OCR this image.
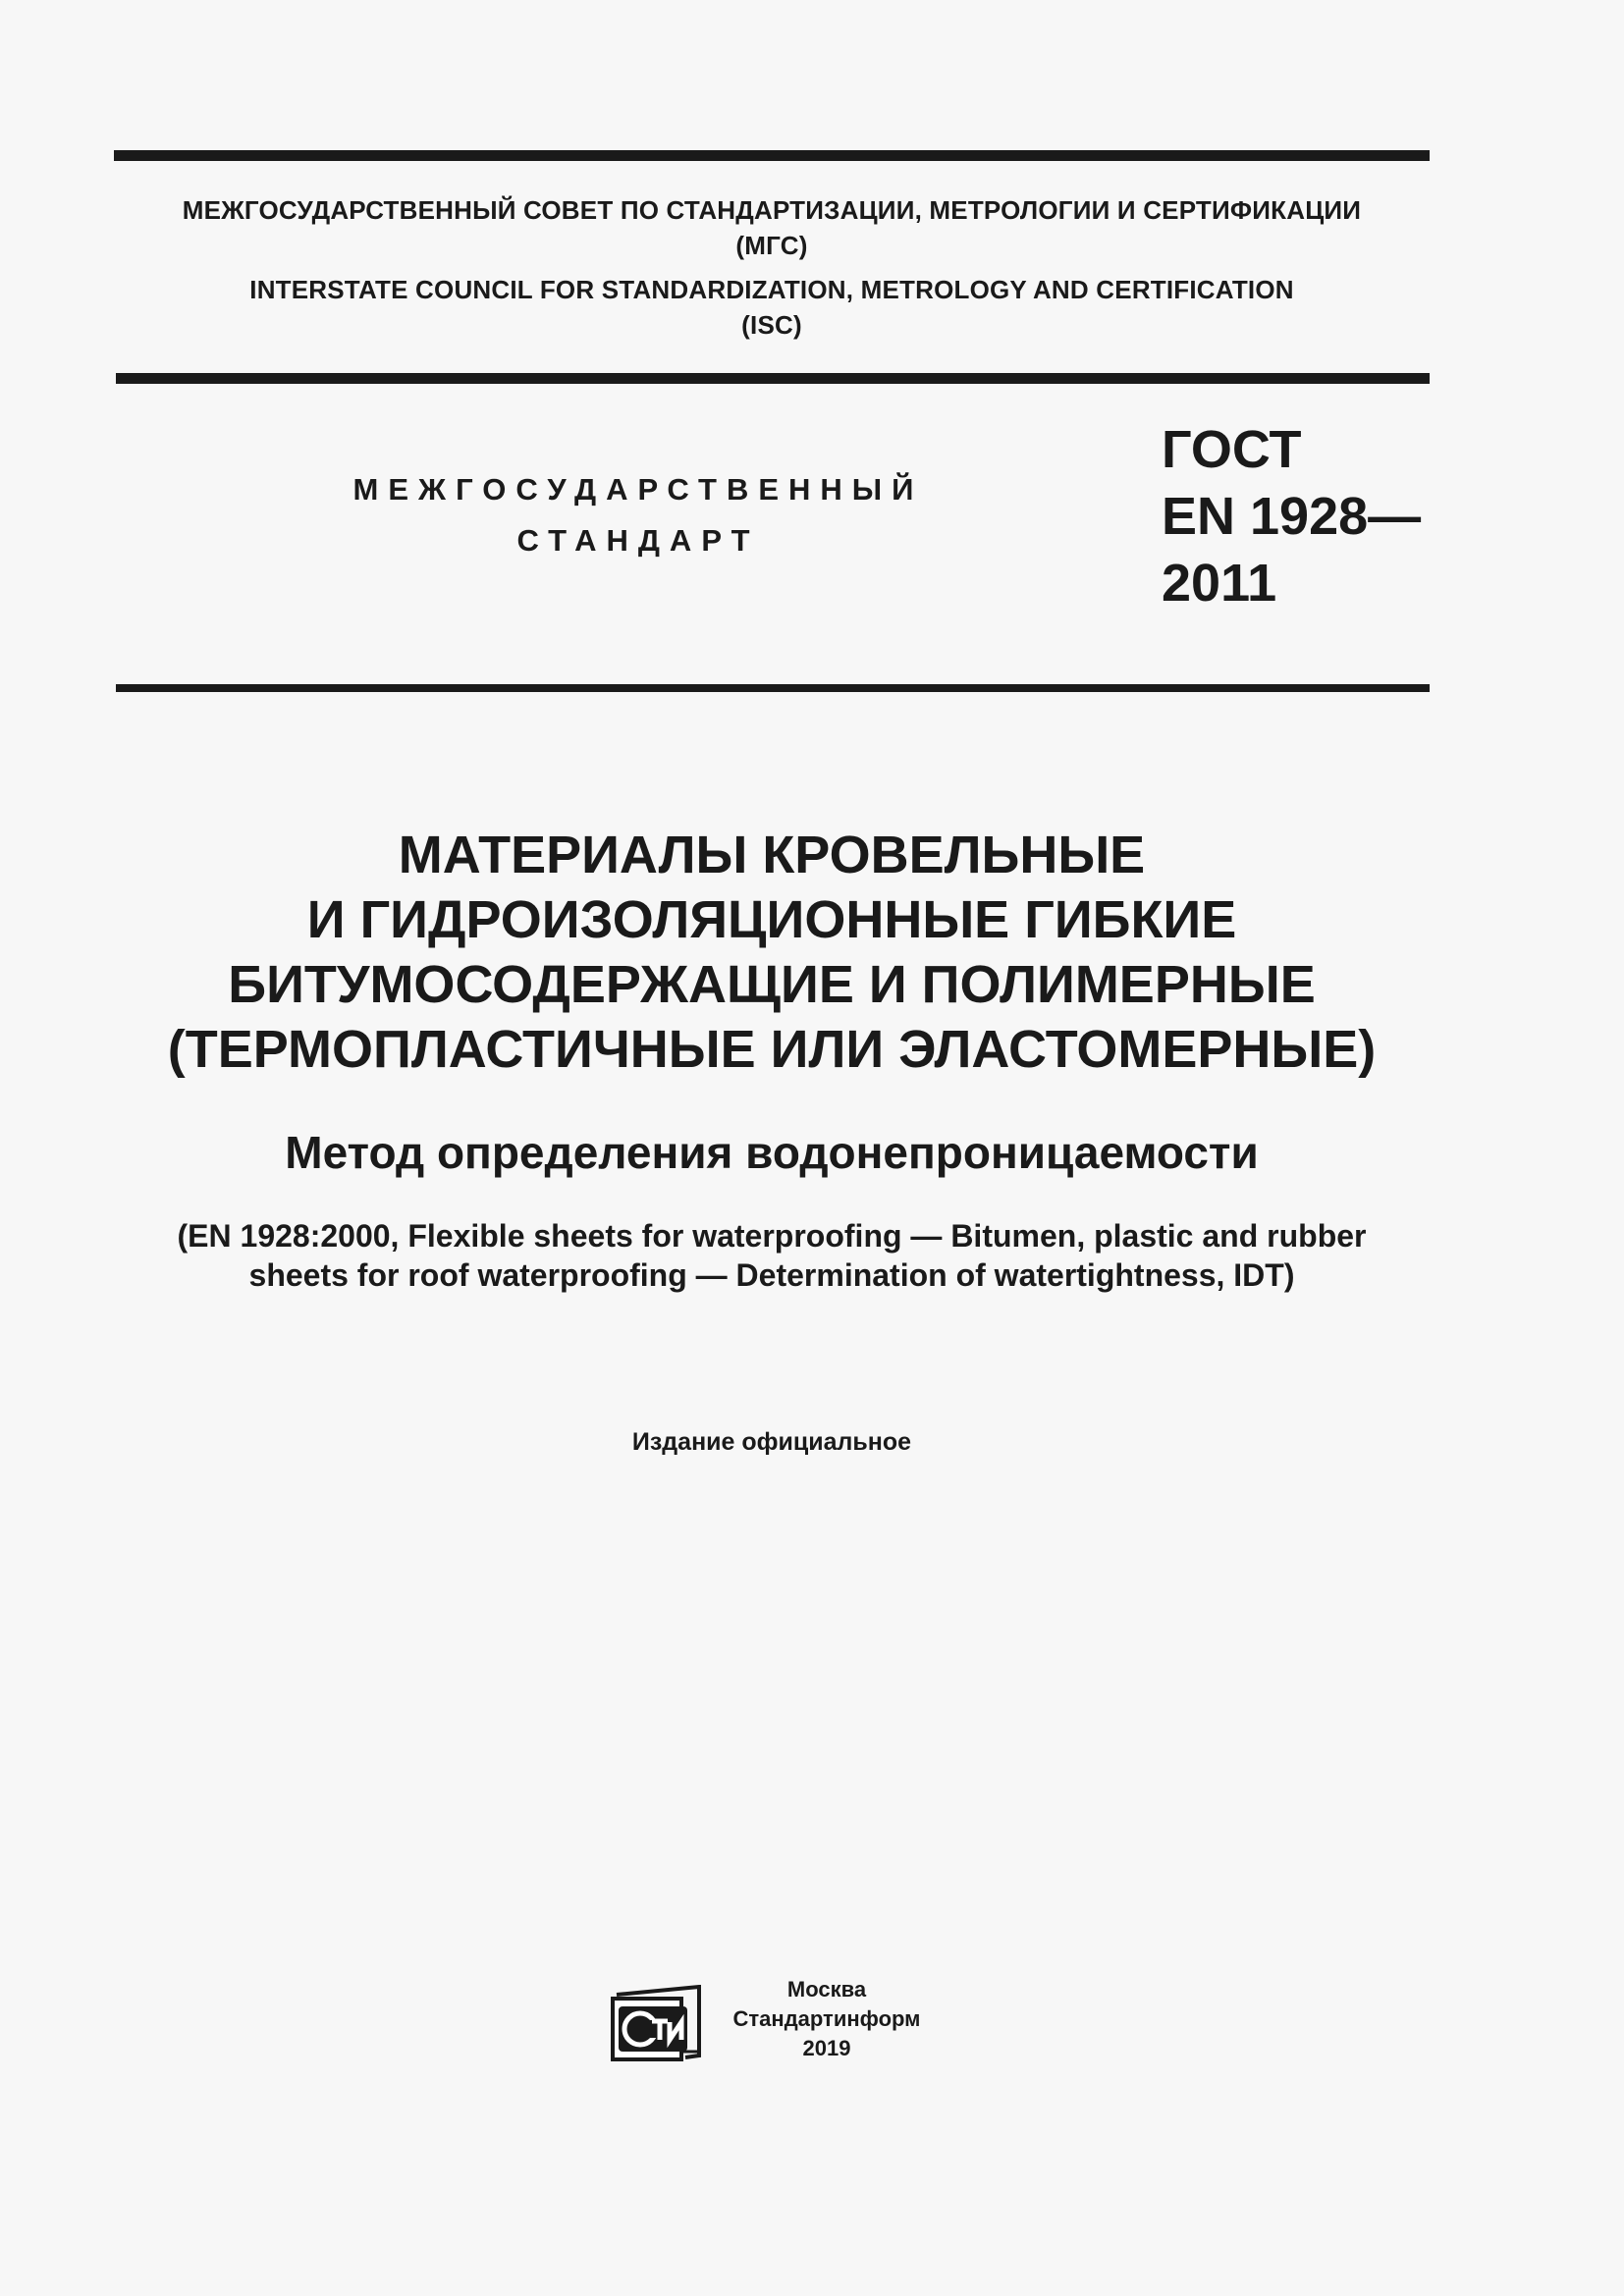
МЕЖГОСУДАРСТВЕННЫЙ СОВЕТ ПО СТАНДАРТИЗАЦИИ, МЕТРОЛОГИИ И СЕРТИФИКАЦИИ
(МГС)
INTERSTATE COUNCIL FOR STANDARDIZATION, METROLOGY AND CERTIFICATION
(ISC)
МЕЖГОСУДАРСТВЕННЫЙ
СТАНДАРТ
ГОСТ
EN 1928—
2011
МАТЕРИАЛЫ КРОВЕЛЬНЫЕ
И ГИДРОИЗОЛЯЦИОННЫЕ ГИБКИЕ
БИТУМОСОДЕРЖАЩИЕ И ПОЛИМЕРНЫЕ
(ТЕРМОПЛАСТИЧНЫЕ ИЛИ ЭЛАСТОМЕРНЫЕ)
Метод определения водонепроницаемости
(EN 1928:2000, Flexible sheets for waterproofing — Bitumen, plastic and rubber
sheets for roof waterproofing — Determination of watertightness, IDT)
Издание официальное
Москва
Стандартинформ
2019
